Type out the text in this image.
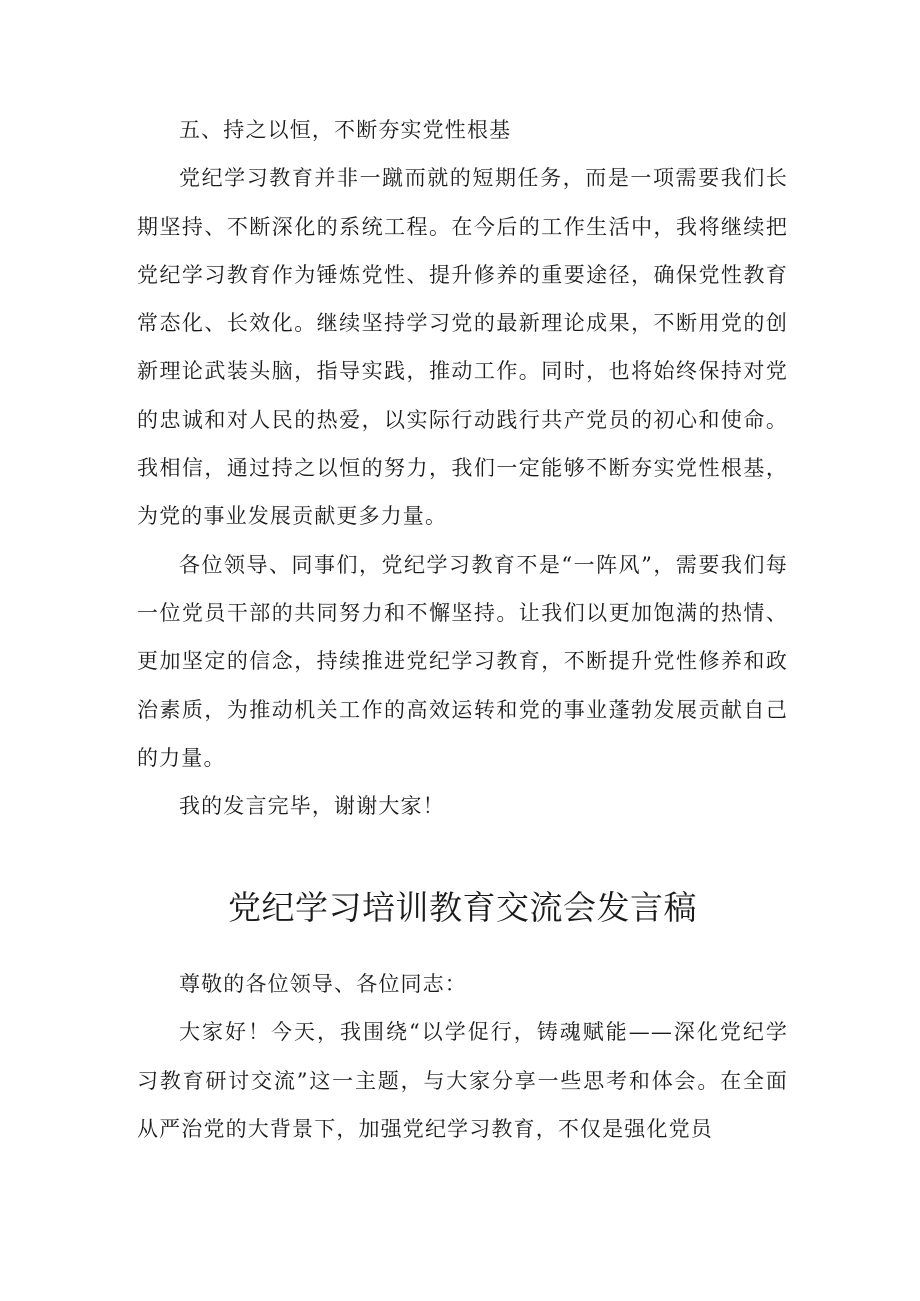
五、持之以恒，不断夯实党性根基

党纪学习教育并非一蹴而就的短期任务，而是一项需要我们长期坚持、不断深化的系统工程。在今后的工作生活中，我将继续把党纪学习教育作为锤炼党性、提升修养的重要途径，确保党性教育常态化、长效化。继续坚持学习党的最新理论成果，不断用党的创新理论武装头脑，指导实践，推动工作。同时，也将始终保持对党的忠诚和对人民的热爱，以实际行动践行共产党员的初心和使命。我相信，通过持之以恒的努力，我们一定能够不断夯实党性根基，为党的事业发展贡献更多力量。

各位领导、同事们，党纪学习教育不是“一阵风”，需要我们每一位党员干部的共同努力和不懈坚持。让我们以更加饱满的热情、更加坚定的信念，持续推进党纪学习教育，不断提升党性修养和政治素质，为推动机关工作的高效运转和党的事业蓬勃发展贡献自己的力量。

我的发言完毕，谢谢大家！

党纪学习培训教育交流会发言稿

尊敬的各位领导、各位同志：

大家好！今天，我围绕“以学促行，铸魂赋能——深化党纪学习教育研讨交流”这一主题，与大家分享一些思考和体会。在全面从严治党的大背景下，加强党纪学习教育，不仅是强化党员
